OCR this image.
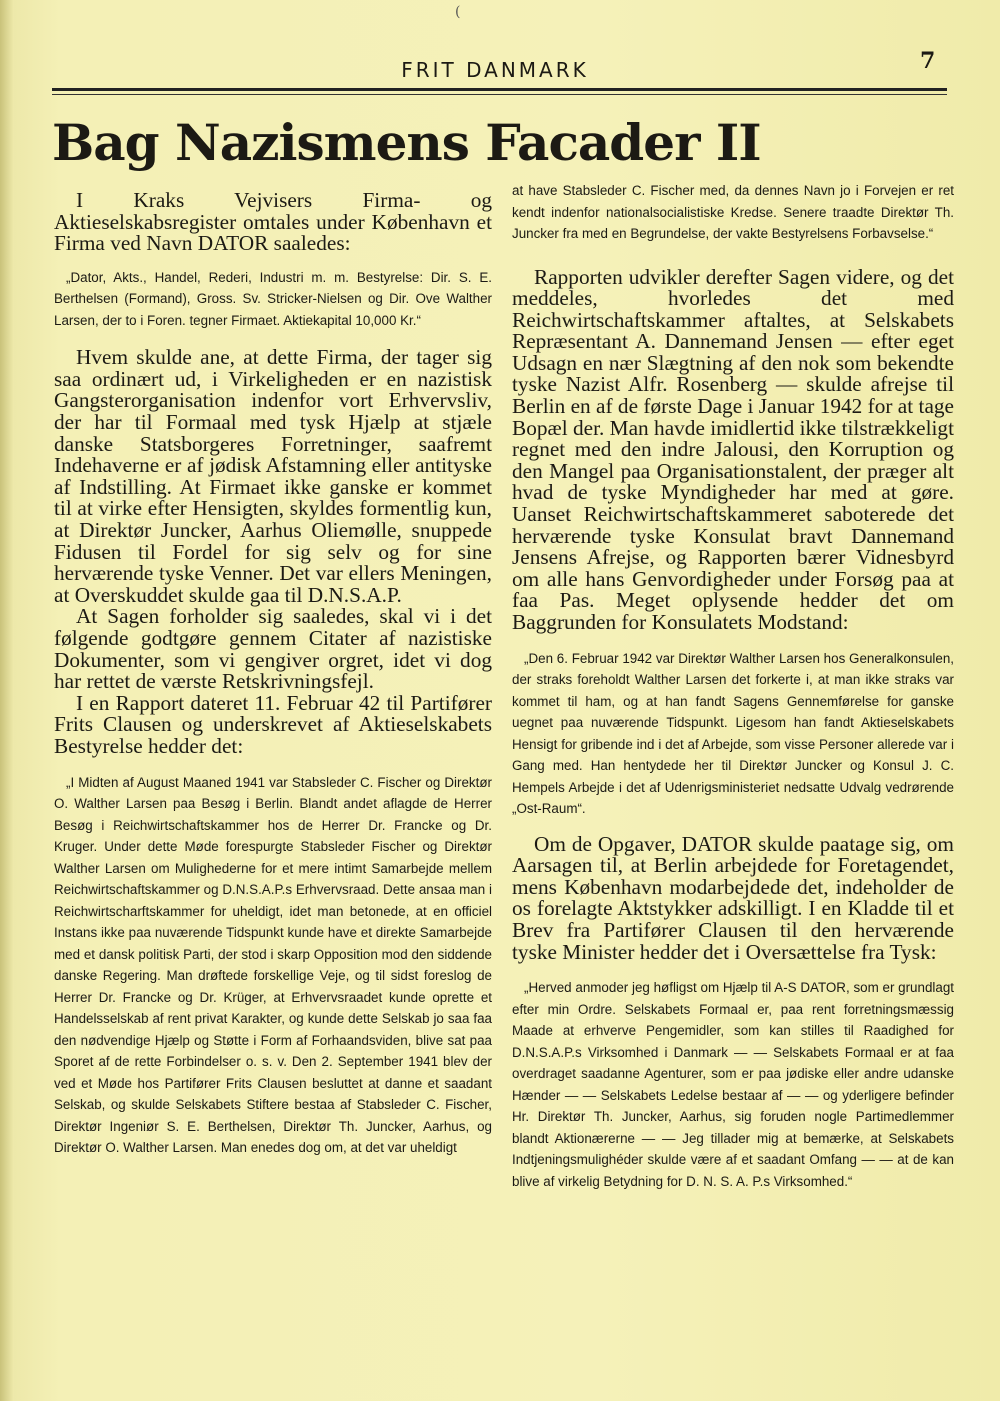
(
FRIT DANMARK	7
Bag Nazismens Facader II

I Kraks Vejvisers Firma- og Aktieselskabsregister omtales under København et Firma ved Navn DATOR saaledes:

„Dator, Akts., Handel, Rederi, Industri m. m. Bestyrelse: Dir. S. E. Berthelsen (Formand), Gross. Sv. Stricker-Nielsen og Dir. Ove Walther Larsen, der to i Foren. tegner Firmaet. Aktiekapital 10,000 Kr.“

Hvem skulde ane, at dette Firma, der tager sig saa ordinært ud, i Virkeligheden er en nazistisk Gangsterorganisation indenfor vort Erhvervsliv, der har til Formaal med tysk Hjælp at stjæle danske Statsborgeres Forretninger, saafremt Indehaverne er af jødisk Afstamning eller antityske af Indstilling. At Firmaet ikke ganske er kommet til at virke efter Hensigten, skyldes formentlig kun, at Direktør Juncker, Aarhus Oliemølle, snuppede Fidusen til Fordel for sig selv og for sine herværende tyske Venner. Det var ellers Meningen, at Overskuddet skulde gaa til D.N.S.A.P.

At Sagen forholder sig saaledes, skal vi i det følgende godtgøre gennem Citater af nazistiske Dokumenter, som vi gengiver orgret, idet vi dog har rettet de værste Retskrivningsfejl.

I en Rapport dateret 11. Februar 42 til Partifører Frits Clausen og underskrevet af Aktieselskabets Bestyrelse hedder det:

„I Midten af August Maaned 1941 var Stabsleder C. Fischer og Direktør O. Walther Larsen paa Besøg i Berlin. Blandt andet aflagde de Herrer Besøg i Reichwirtschaftskammer hos de Herrer Dr. Francke og Dr. Kruger. Under dette Møde forespurgte Stabsleder Fischer og Direktør Walther Larsen om Mulighederne for et mere intimt Samarbejde mellem Reichwirtschaftskammer og D.N.S.A.P.s Erhvervsraad. Dette ansaa man i Reichwirtscharftskammer for uheldigt, idet man betonede, at en officiel Instans ikke paa nuværende Tidspunkt kunde have et direkte Samarbejde med et dansk politisk Parti, der stod i skarp Opposition mod den siddende danske Regering. Man drøftede forskellige Veje, og til sidst foreslog de Herrer Dr. Francke og Dr. Krüger, at Erhvervsraadet kunde oprette et Handelsselskab af rent privat Karakter, og kunde dette Selskab jo saa faa den nødvendige Hjælp og Støtte i Form af Forhaandsviden, blive sat paa Sporet af de rette Forbindelser o. s. v. Den 2. September 1941 blev der ved et Møde hos Partifører Frits Clausen besluttet at danne et saadant Selskab, og skulde Selskabets Stiftere bestaa af Stabsleder C. Fischer, Direktør Ingeniør S. E. Berthelsen, Direktør Th. Juncker, Aarhus, og Direktør O. Walther Larsen. Man enedes dog om, at det var uheldigt

at have Stabsleder C. Fischer med, da dennes Navn jo i Forvejen er ret kendt indenfor nationalsocialistiske Kredse. Senere traadte Direktør Th. Juncker fra med en Begrundelse, der vakte Bestyrelsens Forbavselse.“

Rapporten udvikler derefter Sagen videre, og det meddeles, hvorledes det med Reichwirtschaftskammer aftaltes, at Selskabets Repræsentant A. Dannemand Jensen — efter eget Udsagn en nær Slægtning af den nok som bekendte tyske Nazist Alfr. Rosenberg — skulde afrejse til Berlin en af de første Dage i Januar 1942 for at tage Bopæl der. Man havde imidlertid ikke tilstrækkeligt regnet med den indre Jalousi, den Korruption og den Mangel paa Organisationstalent, der præger alt hvad de tyske Myndigheder har med at gøre. Uanset Reichwirtschaftskammeret saboterede det herværende tyske Konsulat bravt Dannemand Jensens Afrejse, og Rapporten bærer Vidnesbyrd om alle hans Genvordigheder under Forsøg paa at faa Pas. Meget oplysende hedder det om Baggrunden for Konsulatets Modstand:

„Den 6. Februar 1942 var Direktør Walther Larsen hos Generalkonsulen, der straks foreholdt Walther Larsen det forkerte i, at man ikke straks var kommet til ham, og at han fandt Sagens Gennemførelse for ganske uegnet paa nuværende Tidspunkt. Ligesom han fandt Aktieselskabets Hensigt for gribende ind i det af Arbejde, som visse Personer allerede var i Gang med. Han hentydede her til Direktør Juncker og Konsul J. C. Hempels Arbejde i det af Udenrigsministeriet nedsatte Udvalg vedrørende „Ost-Raum“.

Om de Opgaver, DATOR skulde paatage sig, om Aarsagen til, at Berlin arbejdede for Foretagendet, mens København modarbejdede det, indeholder de os forelagte Aktstykker adskilligt. I en Kladde til et Brev fra Partifører Clausen til den herværende tyske Minister hedder det i Oversættelse fra Tysk:

„Herved anmoder jeg høfligst om Hjælp til A-S DATOR, som er grundlagt efter min Ordre. Selskabets Formaal er, paa rent forretningsmæssig Maade at erhverve Pengemidler, som kan stilles til Raadighed for D.N.S.A.P.s Virksomhed i Danmark — — Selskabets Formaal er at faa overdraget saadanne Agenturer, som er paa jødiske eller andre udanske Hænder — — Selskabets Ledelse bestaar af — — og yderligere befinder Hr. Direktør Th. Juncker, Aarhus, sig foruden nogle Partimedlemmer blandt Aktionærerne — — Jeg tillader mig at bemærke, at Selskabets Indtjeningsmulighéder skulde være af et saadant Omfang — — at de kan blive af virkelig Betydning for D. N. S. A. P.s Virksomhed.“
